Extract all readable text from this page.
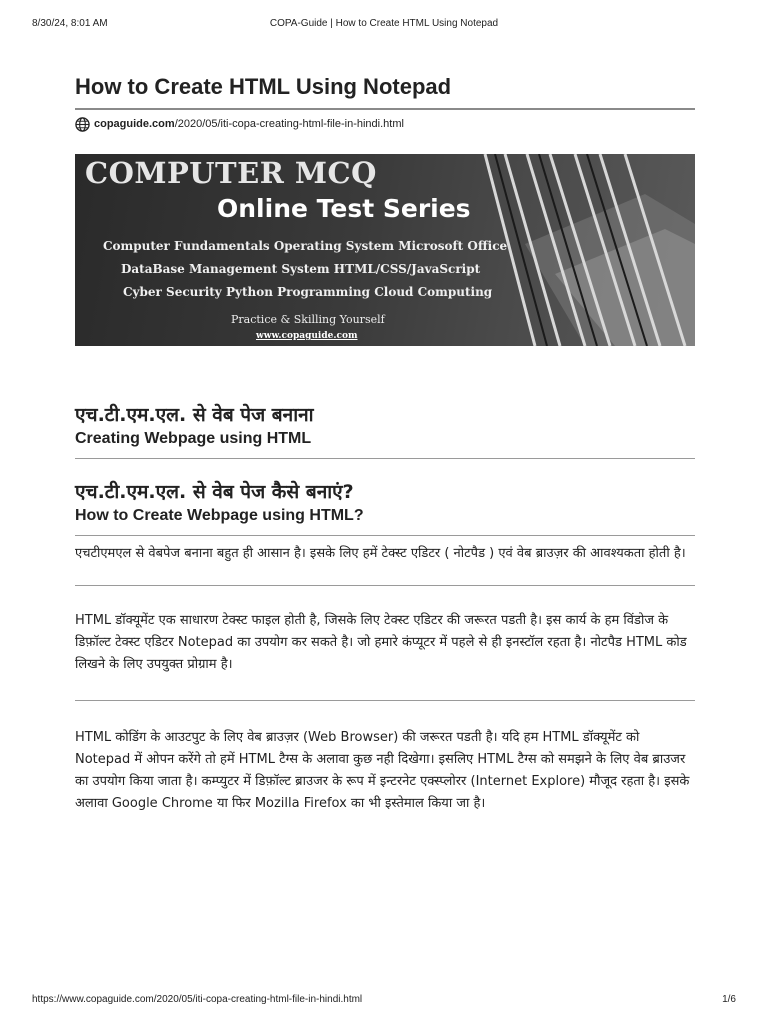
8/30/24, 8:01 AM	COPA-Guide | How to Create HTML Using Notepad
How to Create HTML Using Notepad
copaguide.com /2020/05/iti-copa-creating-html-file-in-hindi.html
COMPUTER MCQ
Online Test Series
Computer Fundamentals Operating System Microsoft Office
DataBase Management System HTML/CSS/JavaScript
Cyber Security Python Programming Cloud Computing
Practice & Skilling Yourself
www.copaguide.com
एच.टी.एम.एल. से वेब पेज बनाना
Creating Webpage using HTML
एच.टी.एम.एल. से वेब पेज कैसे बनाएं?
How to Create Webpage using HTML?

एचटीएमएल से वेबपेज बनाना बहुत ही आसान है। इसके लिए हमें टेक्स्ट एडिटर ( नोटपैड ) एवं वेब ब्राउज़र की आवश्यकता होती है।

HTML डॉक्यूमेंट एक साधारण टेक्स्ट फाइल होती है, जिसके लिए टेक्स्ट एडिटर की जरूरत पडती है। इस कार्य के हम विंडोज के डिफ़ॉल्ट टेक्स्ट एडिटर Notepad का उपयोग कर सकते है। जो हमारे कंप्यूटर में पहले से ही इनस्टॉल रहता है। नोटपैड HTML कोड लिखने के लिए उपयुक्त प्रोग्राम है।

HTML कोडिंग के आउटपुट के लिए वेब ब्राउज़र (Web Browser) की जरूरत पडती है। यदि हम HTML डॉक्यूमेंट को Notepad में ओपन करेंगे तो हमें HTML टैग्स के अलावा कुछ नही दिखेगा। इसलिए HTML टैग्स को समझने के लिए वेब ब्राउजर का उपयोग किया जाता है। कम्प्युटर में डिफ़ॉल्ट ब्राउजर के रूप में इन्टरनेट एक्स्प्लोरर (Internet Explore) मौजूद रहता है। इसके अलावा Google Chrome या फिर Mozilla Firefox का भी इस्तेमाल किया जा है।

https://www.copaguide.com/2020/05/iti-copa-creating-html-file-in-hindi.html	1/6
